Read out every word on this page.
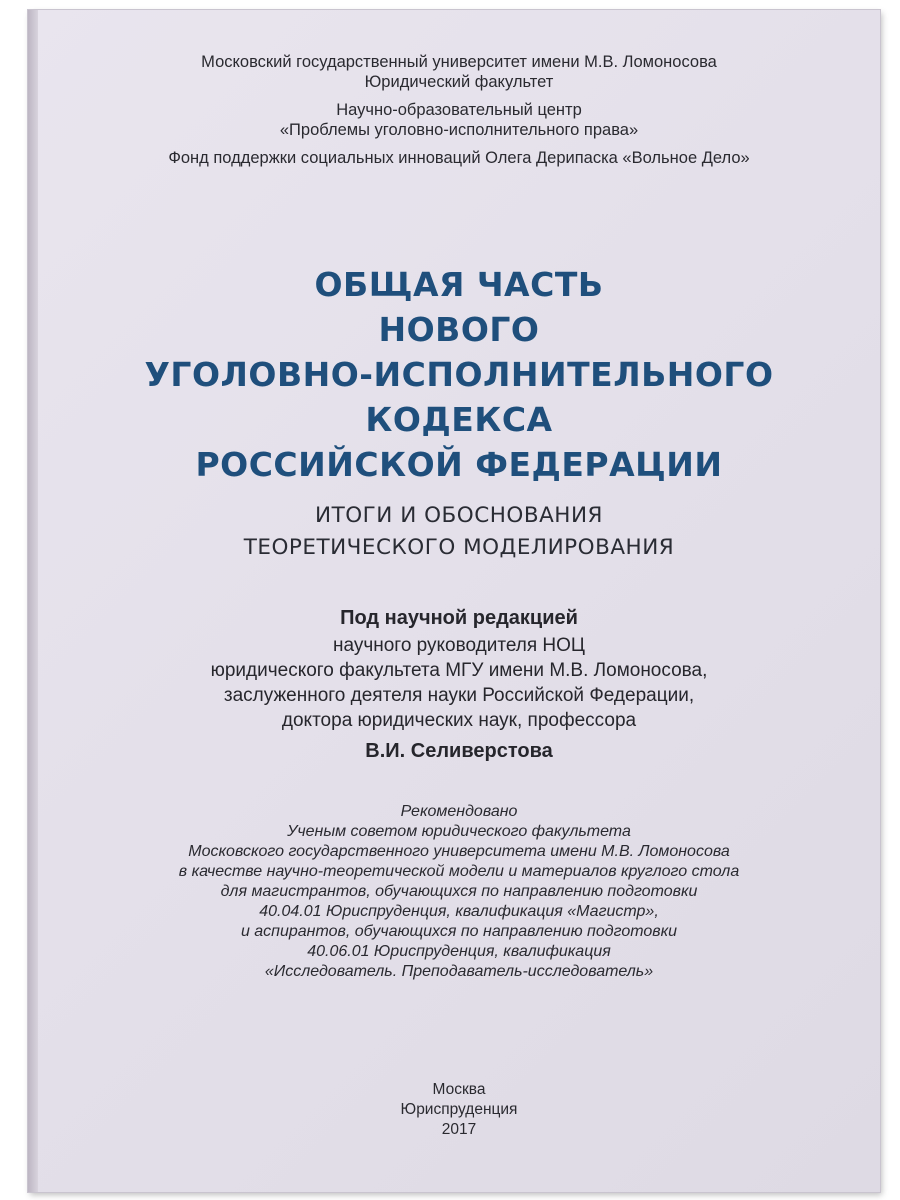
Московский государственный университет имени М.В. Ломоносова
Юридический факультет
Научно-образовательный центр
«Проблемы уголовно-исполнительного права»
Фонд поддержки социальных инноваций Олега Дерипаска «Вольное Дело»
ОБЩАЯ ЧАСТЬ
НОВОГО
УГОЛОВНО-ИСПОЛНИТЕЛЬНОГО
КОДЕКСА
РОССИЙСКОЙ ФЕДЕРАЦИИ
ИТОГИ И ОБОСНОВАНИЯ
ТЕОРЕТИЧЕСКОГО МОДЕЛИРОВАНИЯ
Под научной редакцией
научного руководителя НОЦ
юридического факультета МГУ имени М.В. Ломоносова,
заслуженного деятеля науки Российской Федерации,
доктора юридических наук, профессора
В.И. Селиверстова
Рекомендовано
Ученым советом юридического факультета
Московского государственного университета имени М.В. Ломоносова
в качестве научно-теоретической модели и материалов круглого стола
для магистрантов, обучающихся по направлению подготовки
40.04.01 Юриспруденция, квалификация «Магистр»,
и аспирантов, обучающихся по направлению подготовки
40.06.01 Юриспруденция, квалификация
«Исследователь. Преподаватель-исследователь»
Москва
Юриспруденция
2017
